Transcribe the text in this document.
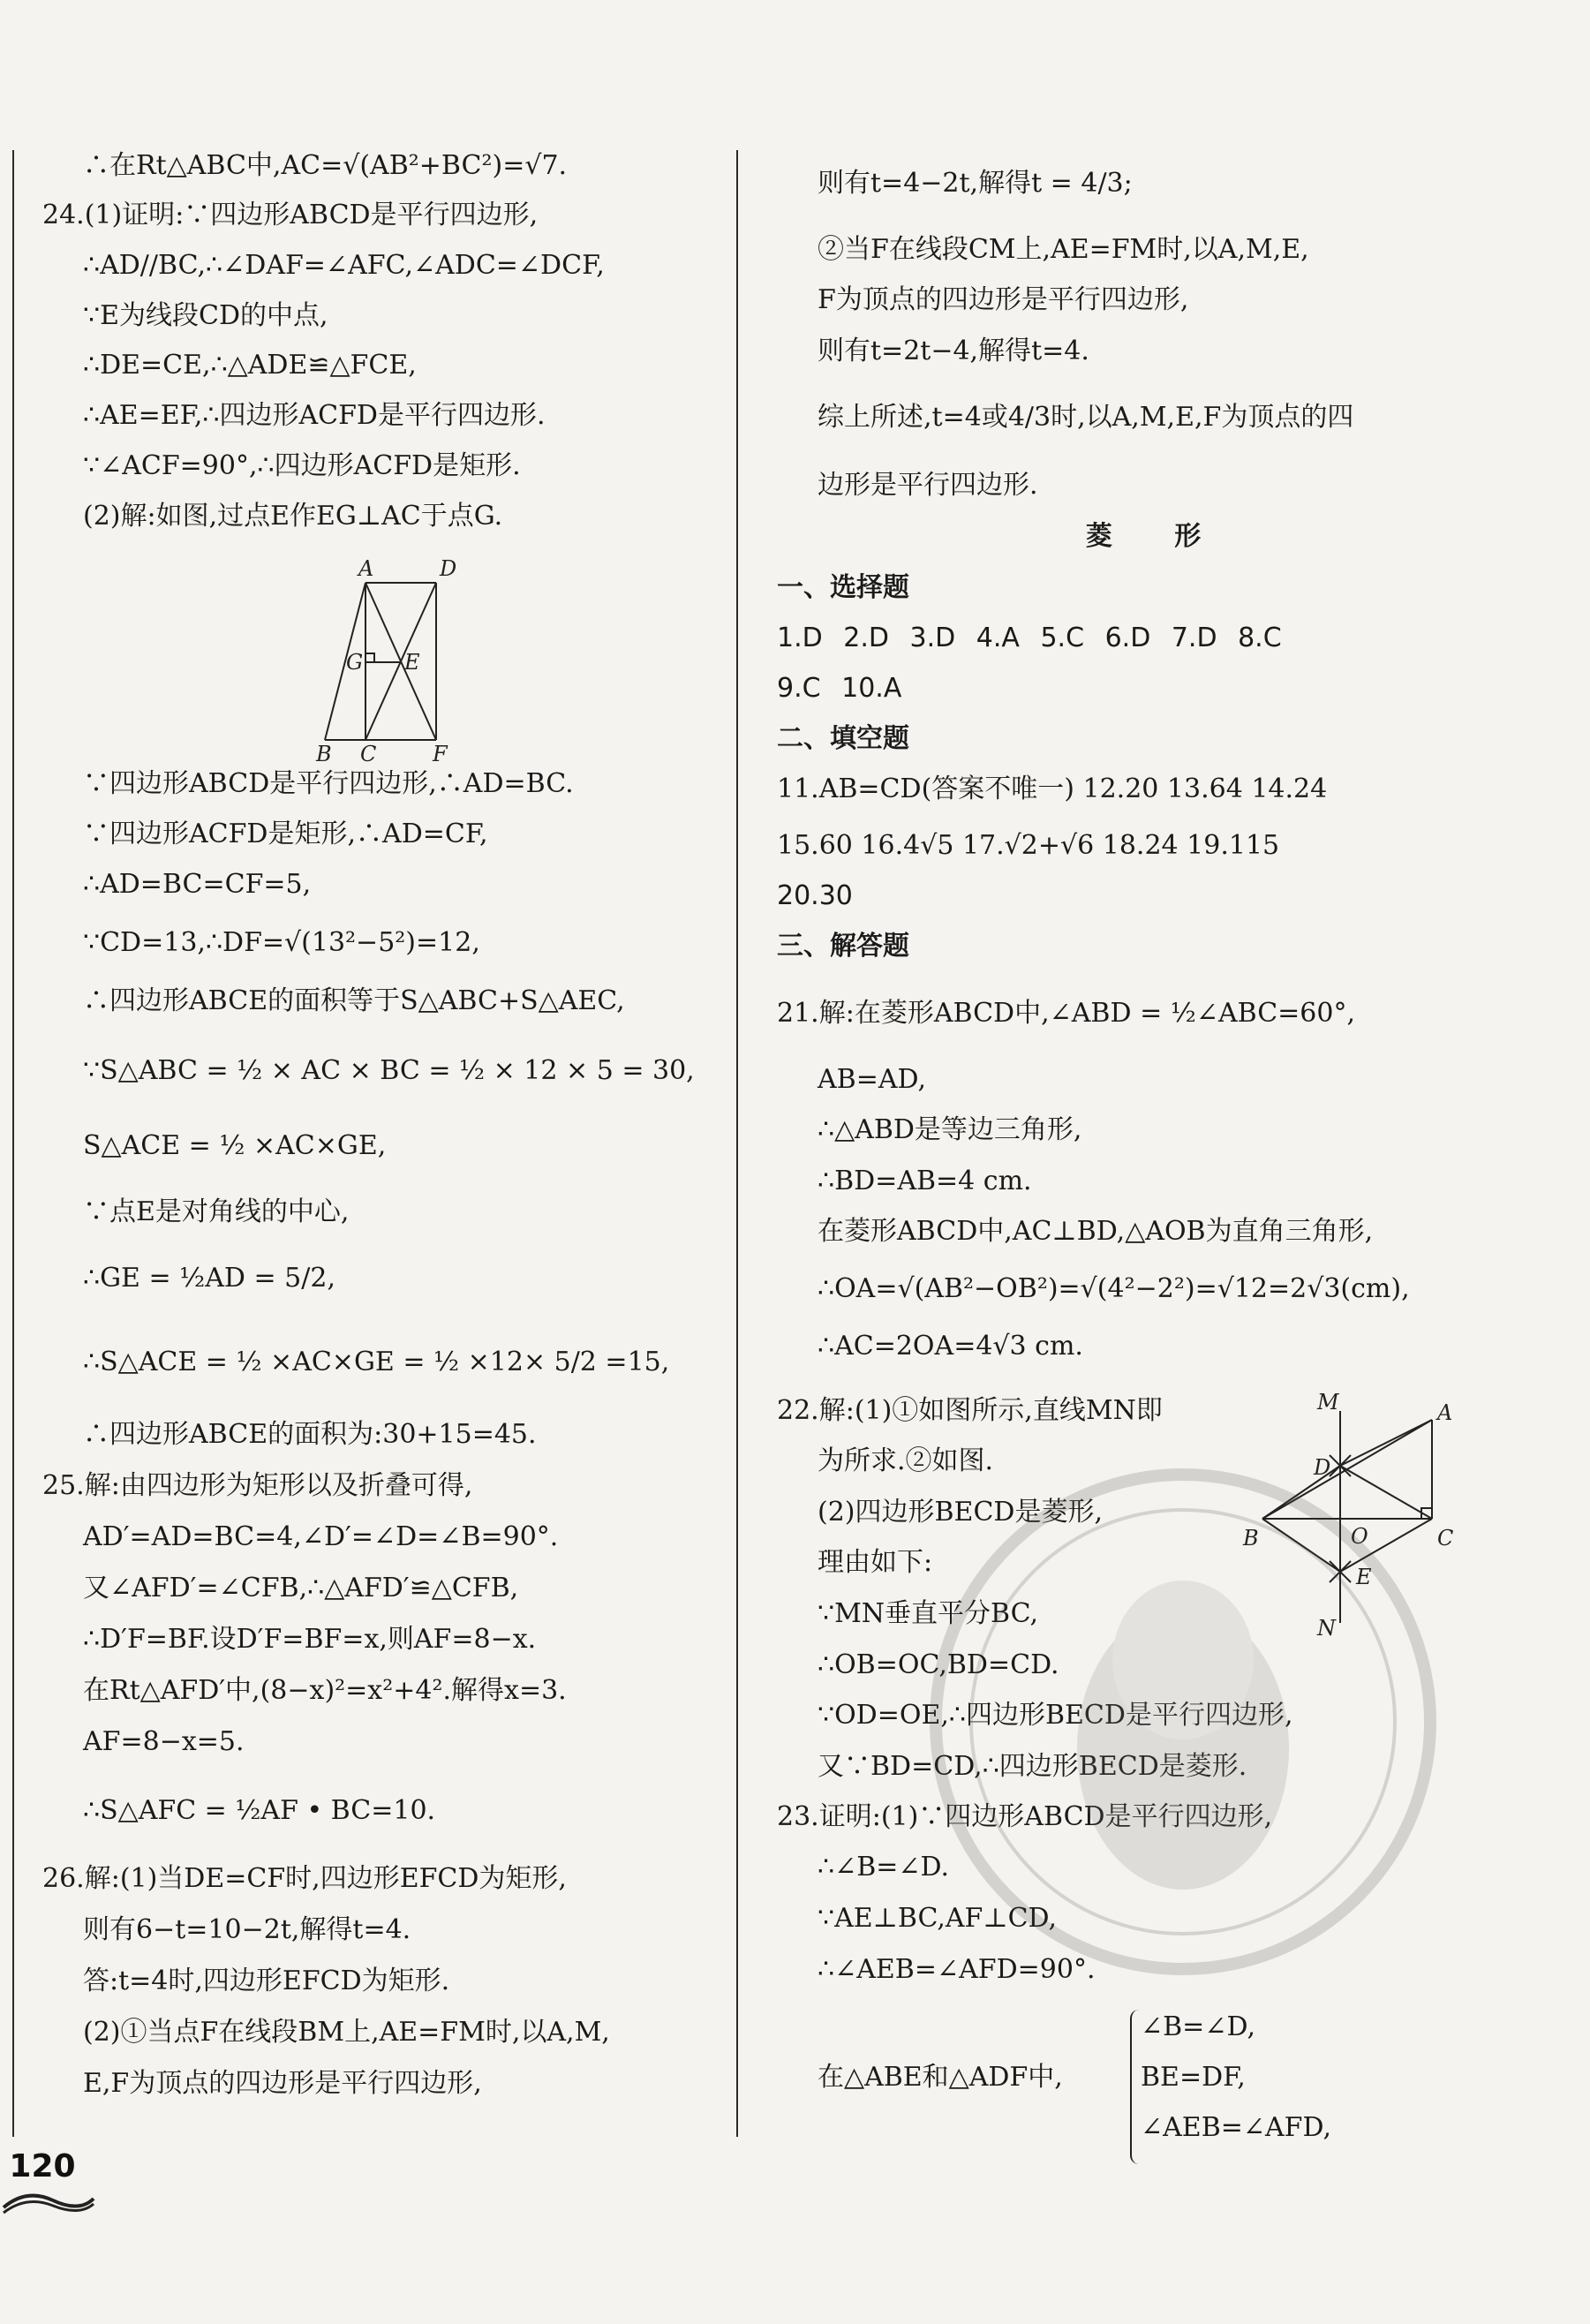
∴在Rt△ABC中,AC=√(AB²+BC²)=√7.
24.(1)证明:∵四边形ABCD是平行四边形,
∴AD//BC,∴∠DAF=∠AFC,∠ADC=∠DCF,
∵E为线段CD的中点,
∴DE=CE,∴△ADE≌△FCE,
∴AE=EF,∴四边形ACFD是平行四边形.
∵∠ACF=90°,∴四边形ACFD是矩形.
(2)解:如图,过点E作EG⊥AC于点G.
A	D
G E
B C	F
∵四边形ABCD是平行四边形,∴AD=BC.
∵四边形ACFD是矩形,∴AD=CF,
∴AD=BC=CF=5,
∵CD=13,∴DF=√(13²−5²)=12,
∴四边形ABCE的面积等于S△ABC+S△AEC,
∵S△ABC = ½ × AC × BC = ½ × 12 × 5 = 30,
S△ACE = ½ ×AC×GE,
∵点E是对角线的中心,
∴GE = ½AD = 5/2,
∴S△ACE = ½ ×AC×GE = ½ ×12× 5/2 =15,
∴四边形ABCE的面积为:30+15=45.
25.解:由四边形为矩形以及折叠可得,
AD′=AD=BC=4,∠D′=∠D=∠B=90°.
又∠AFD′=∠CFB,∴△AFD′≌△CFB,
∴D′F=BF.设D′F=BF=x,则AF=8−x.
在Rt△AFD′中,(8−x)²=x²+4².解得x=3.
AF=8−x=5.
∴S△AFC = ½AF • BC=10.
26.解:(1)当DE=CF时,四边形EFCD为矩形,
则有6−t=10−2t,解得t=4.
答:t=4时,四边形EFCD为矩形.
(2)①当点F在线段BM上,AE=FM时,以A,M,
E,F为顶点的四边形是平行四边形,
则有t=4−2t,解得t = 4/3;
②当F在线段CM上,AE=FM时,以A,M,E,
F为顶点的四边形是平行四边形,
则有t=2t−4,解得t=4.
综上所述,t=4或4/3时,以A,M,E,F为顶点的四
边形是平行四边形.
菱 形
一、选择题
1.D 2.D 3.D 4.A 5.C 6.D 7.D 8.C
9.C 10.A
二、填空题
11.AB=CD(答案不唯一) 12.20 13.64 14.24
15.60 16.4√5 17.√2+√6 18.24 19.115
20.30
三、解答题
21.解:在菱形ABCD中,∠ABD = ½∠ABC=60°,
AB=AD,
∴△ABD是等边三角形,
∴BD=AB=4 cm.
在菱形ABCD中,AC⊥BD,△AOB为直角三角形,
∴OA=√(AB²−OB²)=√(4²−2²)=√12=2√3(cm),
∴AC=2OA=4√3 cm.
22.解:(1)①如图所示,直线MN即
为所求.②如图.
(2)四边形BECD是菱形,
理由如下:
∵MN垂直平分BC,
∴OB=OC,BD=CD.
∵OD=OE,∴四边形BECD是平行四边形,
又∵BD=CD,∴四边形BECD是菱形.
M	A
D
B	O	C
E
N
23.证明:(1)∵四边形ABCD是平行四边形,
∴∠B=∠D.
∵AE⊥BC,AF⊥CD,
∴∠AEB=∠AFD=90°.
在△ABE和△ADF中,
∠B=∠D,
BE=DF,
∠AEB=∠AFD,
120
